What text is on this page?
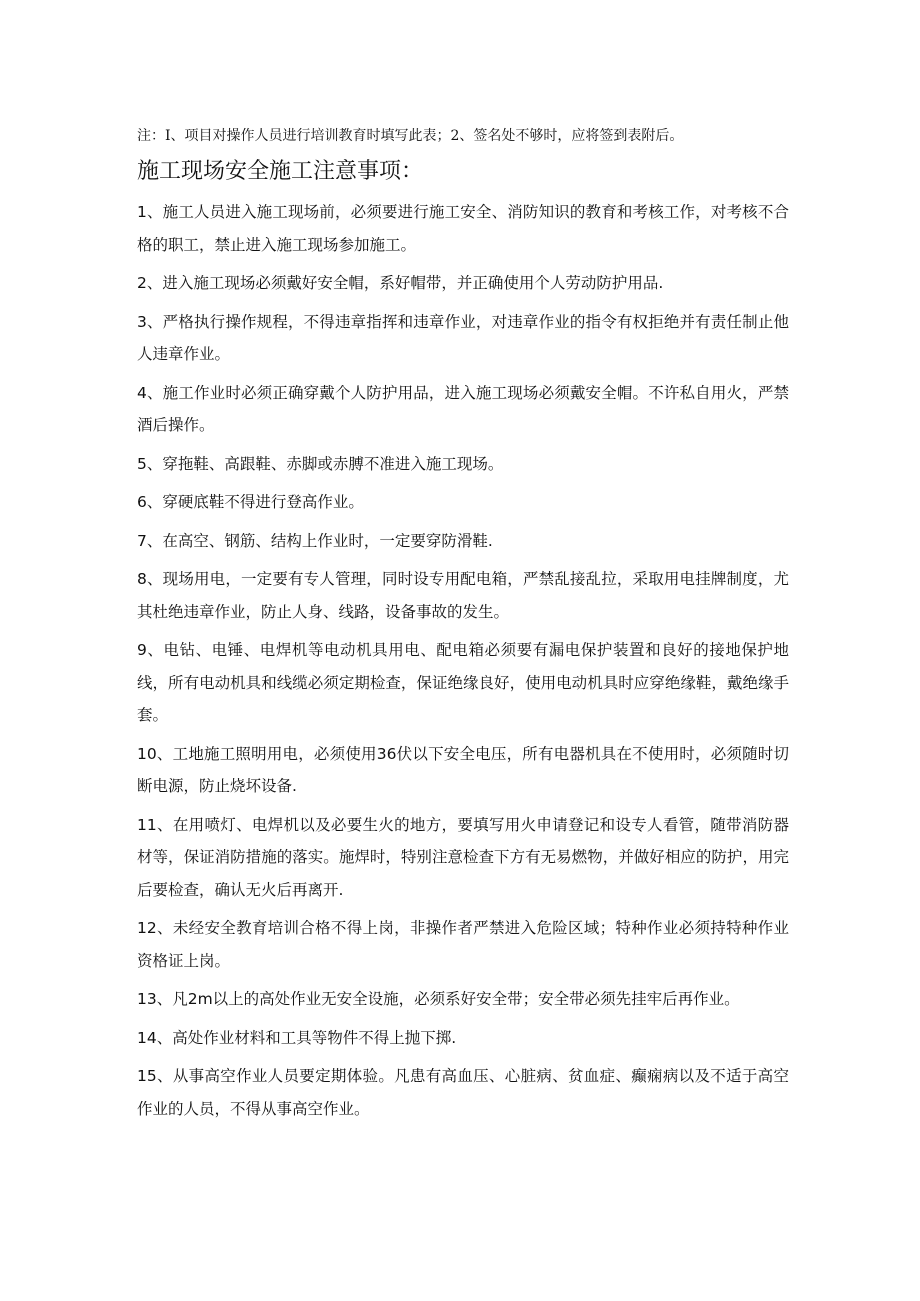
注：I、项目对操作人员进行培训教育时填写此表；2、签名处不够时，应将签到表附后。
施工现场安全施工注意事项：

1、施工人员进入施工现场前，必须要进行施工安全、消防知识的教育和考核工作，对考核不合格的职工，禁止进入施工现场参加施工。

2、进入施工现场必须戴好安全帽，系好帽带，并正确使用个人劳动防护用品.

3、严格执行操作规程，不得违章指挥和违章作业，对违章作业的指令有权拒绝并有责任制止他人违章作业。

4、施工作业时必须正确穿戴个人防护用品，进入施工现场必须戴安全帽。不许私自用火，严禁酒后操作。

5、穿拖鞋、高跟鞋、赤脚或赤膊不准进入施工现场。

6、穿硬底鞋不得进行登高作业。

7、在高空、钢筋、结构上作业时，一定要穿防滑鞋.

8、现场用电，一定要有专人管理，同时设专用配电箱，严禁乱接乱拉，采取用电挂牌制度，尤其杜绝违章作业，防止人身、线路，设备事故的发生。

9、电钻、电锤、电焊机等电动机具用电、配电箱必须要有漏电保护装置和良好的接地保护地线，所有电动机具和线缆必须定期检查，保证绝缘良好，使用电动机具时应穿绝缘鞋，戴绝缘手套。

10、工地施工照明用电，必须使用36伏以下安全电压，所有电器机具在不使用时，必须随时切断电源，防止烧坏设备.

11、在用喷灯、电焊机以及必要生火的地方，要填写用火申请登记和设专人看管，随带消防器材等，保证消防措施的落实。施焊时，特别注意检查下方有无易燃物，并做好相应的防护，用完后要检查，确认无火后再离开.

12、未经安全教育培训合格不得上岗，非操作者严禁进入危险区域；特种作业必须持特种作业资格证上岗。

13、凡2m以上的高处作业无安全设施，必须系好安全带；安全带必须先挂牢后再作业。

14、高处作业材料和工具等物件不得上抛下掷.

15、从事高空作业人员要定期体验。凡患有高血压、心脏病、贫血症、癫痫病以及不适于高空作业的人员，不得从事高空作业。
